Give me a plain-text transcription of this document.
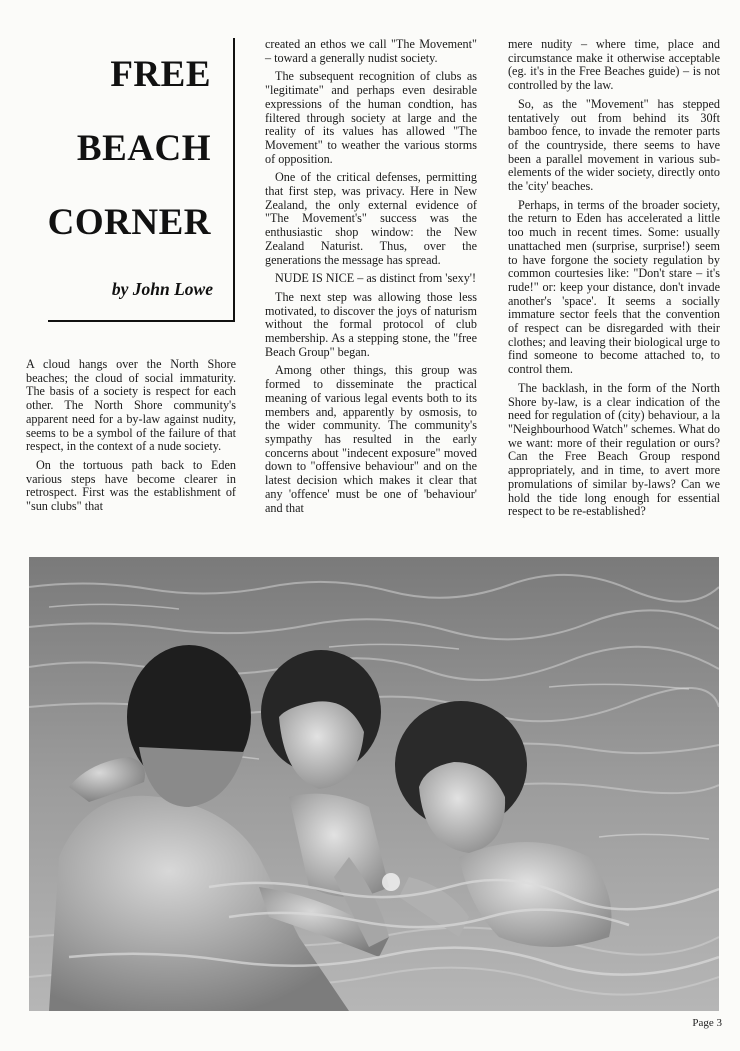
FREE
BEACH
CORNER

by John Lowe

A cloud hangs over the North Shore beaches; the cloud of social immaturity. The basis of a society is respect for each other. The North Shore community's apparent need for a by-law against nudity, seems to be a symbol of the failure of that respect, in the context of a nude society.

On the tortuous path back to Eden various steps have become clearer in retrospect. First was the establishment of "sun clubs" that

created an ethos we call "The Movement" – toward a generally nudist society.

The subsequent recognition of clubs as "legitimate" and perhaps even desirable expressions of the human condtion, has filtered through society at large and the reality of its values has allowed "The Movement" to weather the various storms of opposition.

One of the critical defenses, permitting that first step, was privacy. Here in New Zealand, the only external evidence of "The Movement's" success was the enthusiastic shop window: the New Zealand Naturist. Thus, over the generations the message has spread.

NUDE IS NICE – as distinct from 'sexy'!

The next step was allowing those less motivated, to discover the joys of naturism without the formal protocol of club membership. As a stepping stone, the "free Beach Group" began.

Among other things, this group was formed to disseminate the practical meaning of various legal events both to its members and, apparently by osmosis, to the wider community. The community's sympathy has resulted in the early concerns about "indecent exposure" moved down to "offensive behaviour" and on the latest decision which makes it clear that any 'offence' must be one of 'behaviour' and that

mere nudity – where time, place and circumstance make it otherwise acceptable (eg. it's in the Free Beaches guide) – is not controlled by the law.

So, as the "Movement" has stepped tentatively out from behind its 30ft bamboo fence, to invade the remoter parts of the countryside, there seems to have been a parallel movement in various sub-elements of the wider society, directly onto the 'city' beaches.

Perhaps, in terms of the broader society, the return to Eden has accelerated a little too much in recent times. Some: usually unattached men (surprise, surprise!) seem to have forgone the society regulation by common courtesies like: "Don't stare – it's rude!" or: keep your distance, don't invade another's 'space'. It seems a socially immature sector feels that the convention of respect can be disregarded with their clothes; and leaving their biological urge to find someone to become attached to, to control them.

The backlash, in the form of the North Shore by-law, is a clear indication of the need for regulation of (city) behaviour, a la "Neighbourhood Watch" schemes. What do we want: more of their regulation or ours? Can the Free Beach Group respond appropriately, and in time, to avert more promulations of similar by-laws? Can we hold the tide long enough for essential respect to be re-established?

Page 3
